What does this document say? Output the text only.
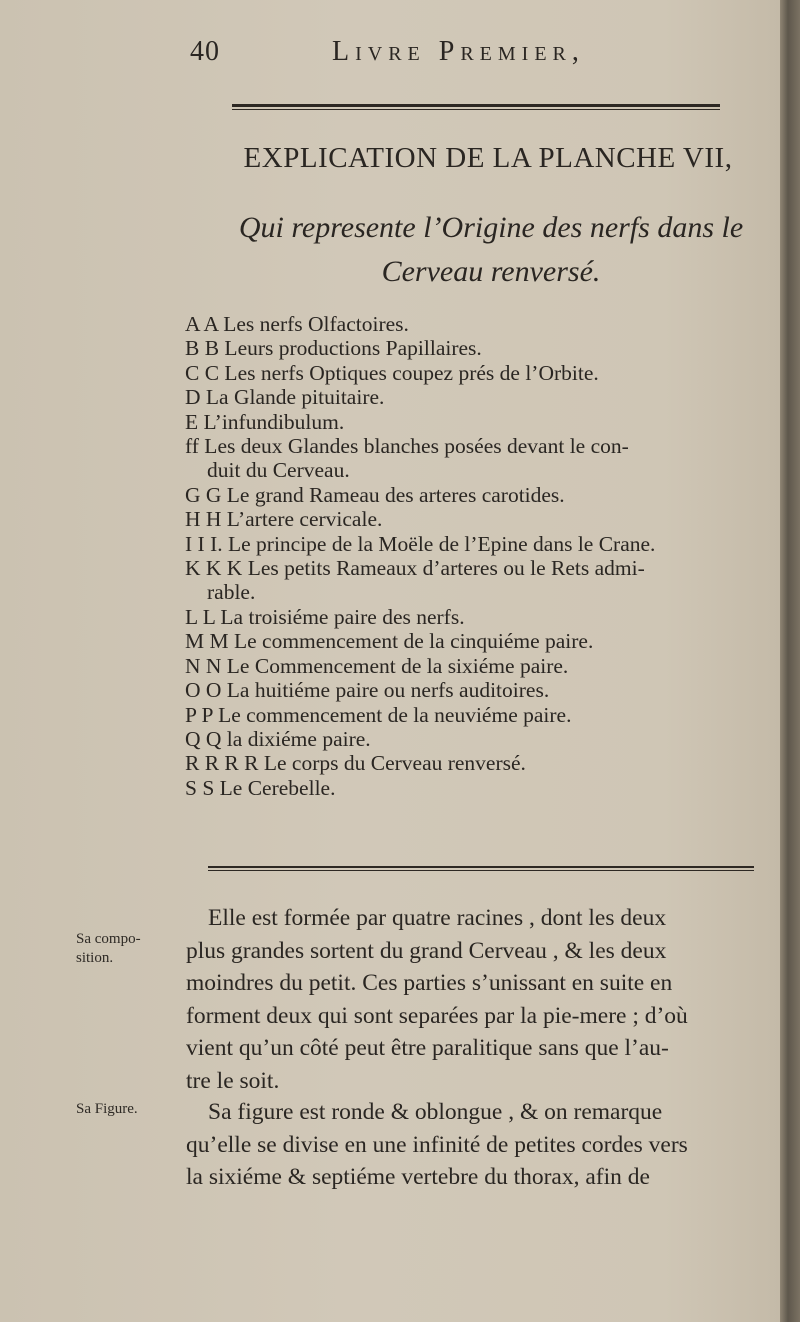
40	Livre Premier,
EXPLICATION DE LA PLANCHE VII,
Qui represente l’Origine des nerfs dans le
Cerveau renversé.
A A Les nerfs Olfactoires.
B B Leurs productions Papillaires.
C C Les nerfs Optiques coupez prés de l’Orbite.
D La Glande pituitaire.
E L’infundibulum.
ff Les deux Glandes blanches posées devant le con-
duit du Cerveau.
G G Le grand Rameau des arteres carotides.
H H L’artere cervicale.
I I I. Le principe de la Moële de l’Epine dans le Crane.
K K K Les petits Rameaux d’arteres ou le Rets admi-
rable.
L L La troisiéme paire des nerfs.
M M Le commencement de la cinquiéme paire.
N N Le Commencement de la sixiéme paire.
O O La huitiéme paire ou nerfs auditoires.
P P Le commencement de la neuviéme paire.
Q Q la dixiéme paire.
R R R R Le corps du Cerveau renversé.
S S Le Cerebelle.
Sa compo-
sition.
Sa Figure.
Elle est formée par quatre racines , dont les deux
plus grandes sortent du grand Cerveau , & les deux
moindres du petit. Ces parties s’unissant en suite en
forment deux qui sont separées par la pie-mere ; d’où
vient qu’un côté peut être paralitique sans que l’au-
tre le soit.
Sa figure est ronde & oblongue , & on remarque
qu’elle se divise en une infinité de petites cordes vers
la sixiéme & septiéme vertebre du thorax, afin de
